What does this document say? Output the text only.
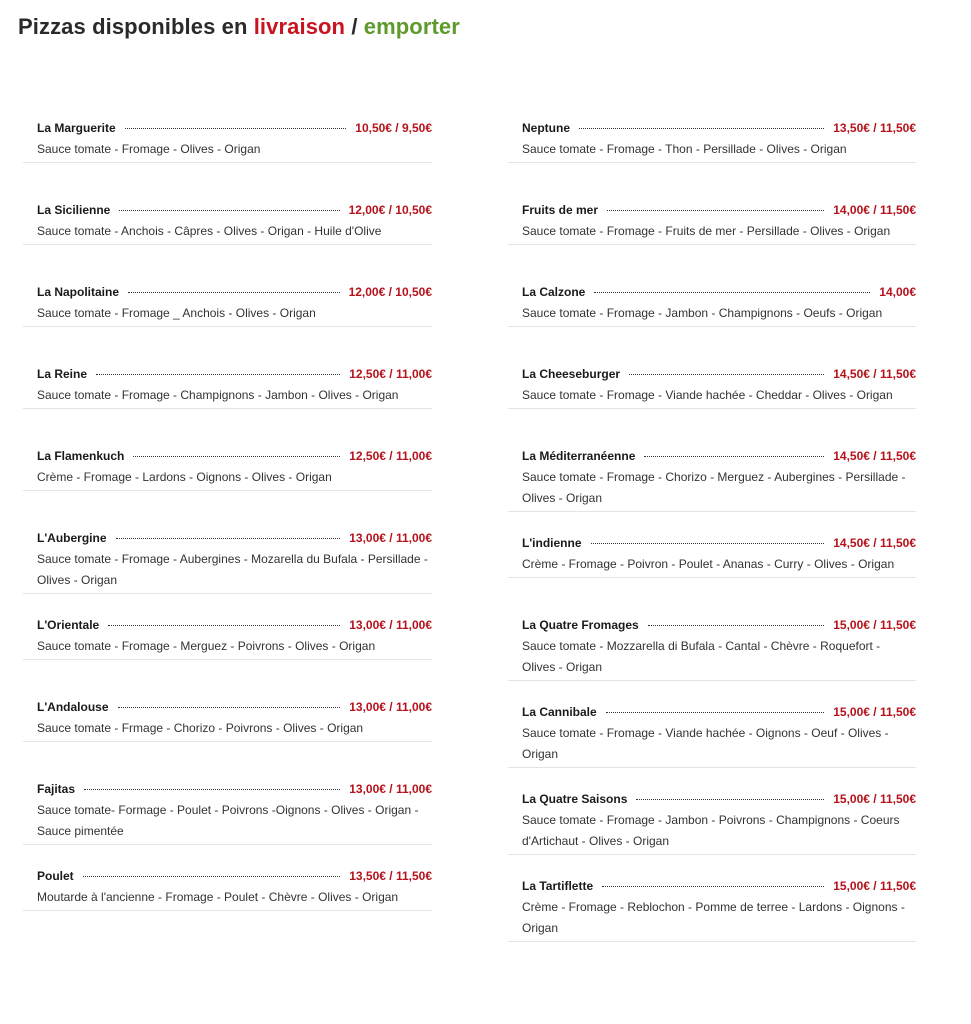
Pizzas disponibles en livraison / emporter
La Marguerite	10,50€ / 9,50€
Sauce tomate - Fromage - Olives - Origan
La Sicilienne	12,00€ / 10,50€
Sauce tomate - Anchois - Câpres - Olives - Origan - Huile d'Olive
La Napolitaine	12,00€ / 10,50€
Sauce tomate - Fromage _ Anchois - Olives - Origan
La Reine	12,50€ / 11,00€
Sauce tomate - Fromage - Champignons - Jambon - Olives - Origan
La Flamenkuch	12,50€ / 11,00€
Crème - Fromage - Lardons - Oignons - Olives - Origan
L'Aubergine	13,00€ / 11,00€
Sauce tomate - Fromage - Aubergines - Mozarella du Bufala - Persillade - Olives - Origan
L'Orientale	13,00€ / 11,00€
Sauce tomate - Fromage - Merguez - Poivrons - Olives - Origan
L'Andalouse	13,00€ / 11,00€
Sauce tomate - Frmage - Chorizo - Poivrons - Olives - Origan
Fajitas	13,00€ / 11,00€
Sauce tomate- Formage - Poulet - Poivrons -Oignons - Olives - Origan - Sauce pimentée
Poulet	13,50€ / 11,50€
Moutarde à l'ancienne - Fromage - Poulet - Chèvre - Olives - Origan
Neptune	13,50€ / 11,50€
Sauce tomate - Fromage - Thon - Persillade - Olives - Origan
Fruits de mer	14,00€ / 11,50€
Sauce tomate - Fromage - Fruits de mer - Persillade - Olives - Origan
La Calzone	14,00€
Sauce tomate - Fromage - Jambon - Champignons - Oeufs - Origan
La Cheeseburger	14,50€ / 11,50€
Sauce tomate - Fromage - Viande hachée - Cheddar - Olives - Origan
La Méditerranéenne	14,50€ / 11,50€
Sauce tomate - Fromage - Chorizo - Merguez - Aubergines - Persillade - Olives - Origan
L'indienne	14,50€ / 11,50€
Crème - Fromage - Poivron - Poulet - Ananas - Curry - Olives - Origan
La Quatre Fromages	15,00€ / 11,50€
Sauce tomate - Mozzarella di Bufala - Cantal - Chèvre - Roquefort - Olives - Origan
La Cannibale	15,00€ / 11,50€
Sauce tomate - Fromage - Viande hachée - Oignons - Oeuf - Olives - Origan
La Quatre Saisons	15,00€ / 11,50€
Sauce tomate - Fromage - Jambon - Poivrons - Champignons - Coeurs d'Artichaut - Olives - Origan
La Tartiflette	15,00€ / 11,50€
Crème - Fromage - Reblochon - Pomme de terree - Lardons - Oignons - Origan
